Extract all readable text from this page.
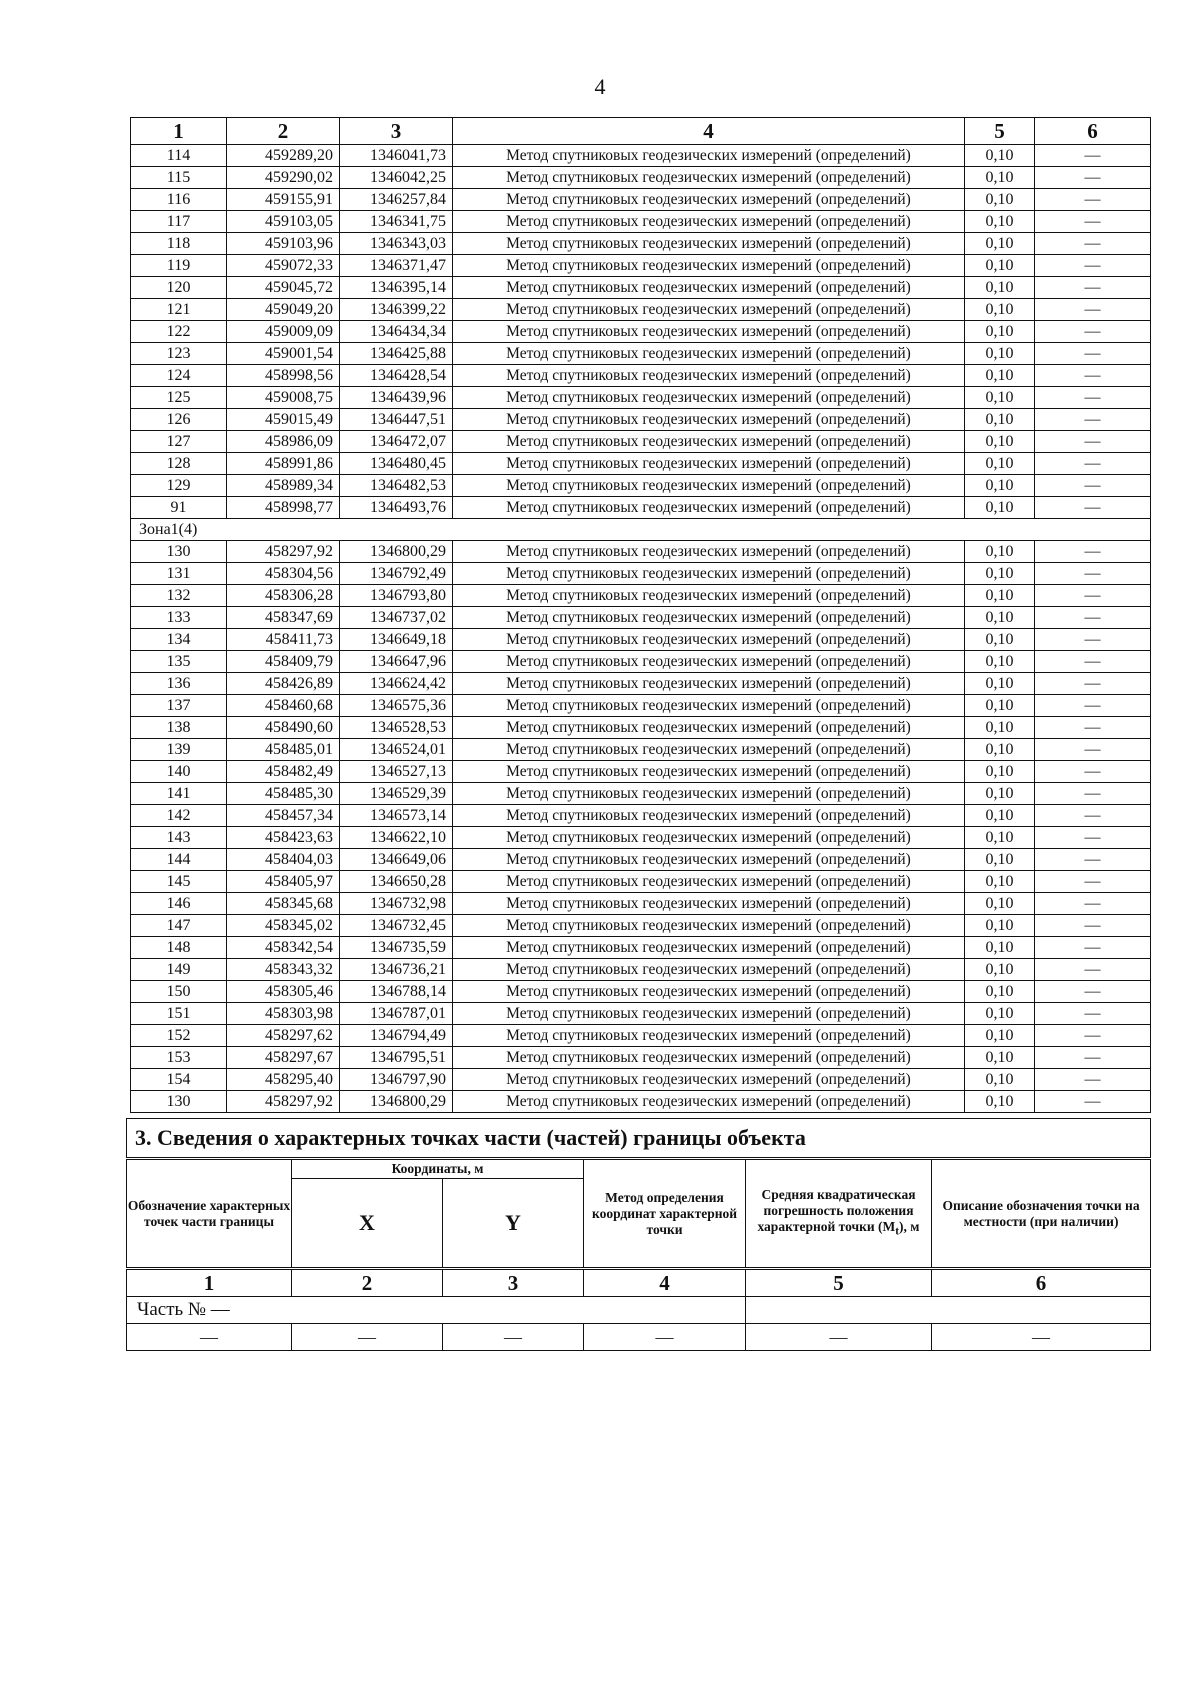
4
1	2	3	4	5	6
114	459289,20	1346041,73	Метод спутниковых геодезических измерений (определений)	0,10	—
115	459290,02	1346042,25	Метод спутниковых геодезических измерений (определений)	0,10	—
116	459155,91	1346257,84	Метод спутниковых геодезических измерений (определений)	0,10	—
117	459103,05	1346341,75	Метод спутниковых геодезических измерений (определений)	0,10	—
118	459103,96	1346343,03	Метод спутниковых геодезических измерений (определений)	0,10	—
119	459072,33	1346371,47	Метод спутниковых геодезических измерений (определений)	0,10	—
120	459045,72	1346395,14	Метод спутниковых геодезических измерений (определений)	0,10	—
121	459049,20	1346399,22	Метод спутниковых геодезических измерений (определений)	0,10	—
122	459009,09	1346434,34	Метод спутниковых геодезических измерений (определений)	0,10	—
123	459001,54	1346425,88	Метод спутниковых геодезических измерений (определений)	0,10	—
124	458998,56	1346428,54	Метод спутниковых геодезических измерений (определений)	0,10	—
125	459008,75	1346439,96	Метод спутниковых геодезических измерений (определений)	0,10	—
126	459015,49	1346447,51	Метод спутниковых геодезических измерений (определений)	0,10	—
127	458986,09	1346472,07	Метод спутниковых геодезических измерений (определений)	0,10	—
128	458991,86	1346480,45	Метод спутниковых геодезических измерений (определений)	0,10	—
129	458989,34	1346482,53	Метод спутниковых геодезических измерений (определений)	0,10	—
91	458998,77	1346493,76	Метод спутниковых геодезических измерений (определений)	0,10	—
Зона1(4)					
130	458297,92	1346800,29	Метод спутниковых геодезических измерений (определений)	0,10	—
131	458304,56	1346792,49	Метод спутниковых геодезических измерений (определений)	0,10	—
132	458306,28	1346793,80	Метод спутниковых геодезических измерений (определений)	0,10	—
133	458347,69	1346737,02	Метод спутниковых геодезических измерений (определений)	0,10	—
134	458411,73	1346649,18	Метод спутниковых геодезических измерений (определений)	0,10	—
135	458409,79	1346647,96	Метод спутниковых геодезических измерений (определений)	0,10	—
136	458426,89	1346624,42	Метод спутниковых геодезических измерений (определений)	0,10	—
137	458460,68	1346575,36	Метод спутниковых геодезических измерений (определений)	0,10	—
138	458490,60	1346528,53	Метод спутниковых геодезических измерений (определений)	0,10	—
139	458485,01	1346524,01	Метод спутниковых геодезических измерений (определений)	0,10	—
140	458482,49	1346527,13	Метод спутниковых геодезических измерений (определений)	0,10	—
141	458485,30	1346529,39	Метод спутниковых геодезических измерений (определений)	0,10	—
142	458457,34	1346573,14	Метод спутниковых геодезических измерений (определений)	0,10	—
143	458423,63	1346622,10	Метод спутниковых геодезических измерений (определений)	0,10	—
144	458404,03	1346649,06	Метод спутниковых геодезических измерений (определений)	0,10	—
145	458405,97	1346650,28	Метод спутниковых геодезических измерений (определений)	0,10	—
146	458345,68	1346732,98	Метод спутниковых геодезических измерений (определений)	0,10	—
147	458345,02	1346732,45	Метод спутниковых геодезических измерений (определений)	0,10	—
148	458342,54	1346735,59	Метод спутниковых геодезических измерений (определений)	0,10	—
149	458343,32	1346736,21	Метод спутниковых геодезических измерений (определений)	0,10	—
150	458305,46	1346788,14	Метод спутниковых геодезических измерений (определений)	0,10	—
151	458303,98	1346787,01	Метод спутниковых геодезических измерений (определений)	0,10	—
152	458297,62	1346794,49	Метод спутниковых геодезических измерений (определений)	0,10	—
153	458297,67	1346795,51	Метод спутниковых геодезических измерений (определений)	0,10	—
154	458295,40	1346797,90	Метод спутниковых геодезических измерений (определений)	0,10	—
130	458297,92	1346800,29	Метод спутниковых геодезических измерений (определений)	0,10	—
3. Сведения о характерных точках части (частей) границы объекта					
Обозначение характерных точек части границы	Координаты, м		Метод определения координат характерной точки	Средняя квадратическая погрешность положения характерной точки $(M_t)$, м	Описание обозначения точки на местности (при наличии)
	X	Y			
1	2	3	4	5	6
Часть № —					
—	—	—	—	—	—
